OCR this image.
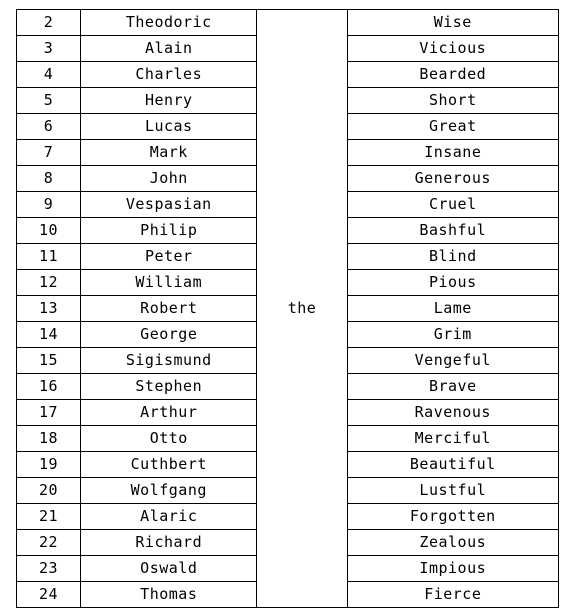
2	Theodoric	the	Wise
3	Alain		Vicious
4	Charles		Bearded
5	Henry		Short
6	Lucas		Great
7	Mark		Insane
8	John		Generous
9	Vespasian		Cruel
10	Philip		Bashful
11	Peter		Blind
12	William		Pious
13	Robert		Lame
14	George		Grim
15	Sigismund		Vengeful
16	Stephen		Brave
17	Arthur		Ravenous
18	Otto		Merciful
19	Cuthbert		Beautiful
20	Wolfgang		Lustful
21	Alaric		Forgotten
22	Richard		Zealous
23	Oswald		Impious
24	Thomas		Fierce
